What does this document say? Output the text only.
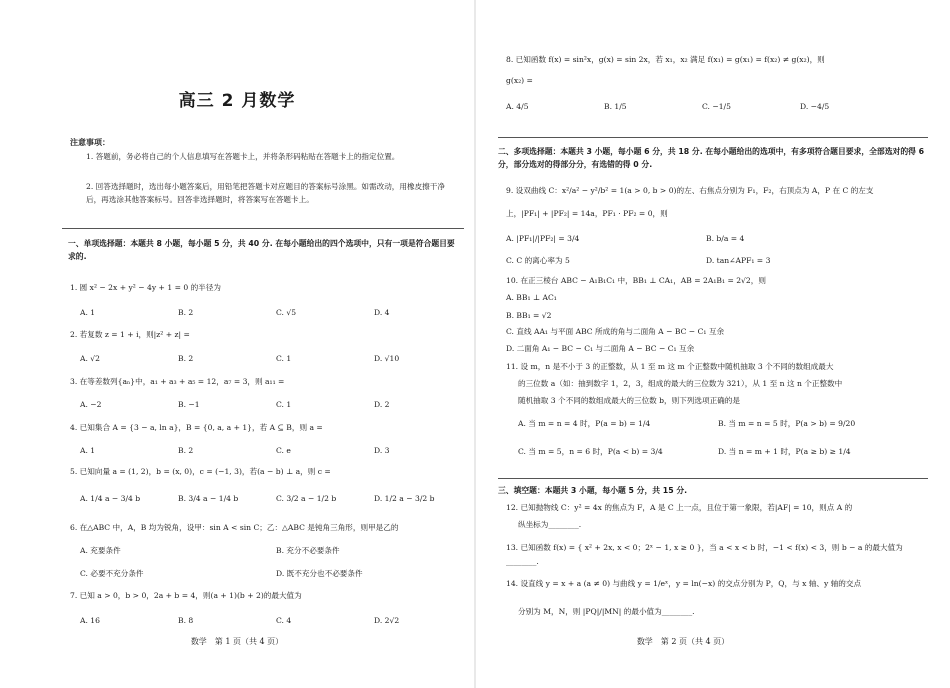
高三 2 月数学
注意事项：
1. 答题前，务必将自己的个人信息填写在答题卡上，并将条形码粘贴在答题卡上的指定位置。
2. 回答选择题时，选出每小题答案后，用铅笔把答题卡对应题目的答案标号涂黑。如需改动，用橡皮擦干净后，再选涂其他答案标号。回答非选择题时，将答案写在答题卡上。
一、单项选择题：本题共 8 小题，每小题 5 分，共 40 分. 在每小题给出的四个选项中，只有一项是符合题目要求的.
1. 圆 x² − 2x + y² − 4y + 1 = 0 的半径为
A. 1	B. 2	C. √5	D. 4
2. 若复数 z = 1 + i，则|z² + z| =
A. √2	B. 2	C. 1	D. √10
3. 在等差数列{aₙ}中，a₁ + a₃ + a₅ = 12，a₇ = 3，则 a₁₁ =
A. −2	B. −1	C. 1	D. 2
4. 已知集合 A = {3 − a, ln a}，B = {0, a, a + 1}，若 A ⊆ B，则 a =
A. 1	B. 2	C. e	D. 3
5. 已知向量 a = (1, 2)，b = (x, 0)，c = (−1, 3)，若(a − b) ⊥ a，则 c =
A. 1/4 a − 3/4 b	B. 3/4 a − 1/4 b	C. 3/2 a − 1/2 b	D. 1/2 a − 3/2 b
6. 在△ABC 中，A，B 均为锐角，设甲：sin A < sin C；乙：△ABC 是钝角三角形，则甲是乙的
A. 充要条件	B. 充分不必要条件
C. 必要不充分条件	D. 既不充分也不必要条件
7. 已知 a > 0，b > 0，2a + b = 4，则(a + 1)(b + 2)的最大值为
A. 16	B. 8	C. 4	D. 2√2
数学　第 1 页（共 4 页）
8. 已知函数 f(x) = sin²x，g(x) = sin 2x，若 x₁，x₂ 满足 f(x₁) = g(x₁) = f(x₂) ≠ g(x₂)，则
g(x₂) =
A. 4/5	B. 1/5	C. −1/5	D. −4/5
二、多项选择题：本题共 3 小题，每小题 6 分，共 18 分. 在每小题给出的选项中，有多项符合题目要求，全部选对的得 6 分，部分选对的得部分分，有选错的得 0 分.
9. 设双曲线 C：x²/a² − y²/b² = 1(a > 0, b > 0)的左、右焦点分别为 F₁，F₂，右顶点为 A，P 在 C 的左支
上，|PF₁| + |PF₂| = 14a，PF₁ · PF₂ = 0，则
A. |PF₁|/|PF₂| = 3/4	B. b/a = 4
C. C 的离心率为 5	D. tan∠APF₁ = 3
10. 在正三棱台 ABC − A₁B₁C₁ 中，BB₁ ⊥ CA₁，AB = 2A₁B₁ = 2√2，则
A. BB₁ ⊥ AC₁
B. BB₁ = √2
C. 直线 AA₁ 与平面 ABC 所成的角与二面角 A − BC − C₁ 互余
D. 二面角 A₁ − BC − C₁ 与二面角 A − BC − C₁ 互余
11. 设 m，n 是不小于 3 的正整数，从 1 至 m 这 m 个正整数中随机抽取 3 个不同的数组成最大
的三位数 a（如：抽到数字 1，2，3，组成的最大的三位数为 321），从 1 至 n 这 n 个正整数中
随机抽取 3 个不同的数组成最大的三位数 b，则下列选项正确的是
A. 当 m = n = 4 时，P(a = b) = 1/4	B. 当 m = n = 5 时，P(a > b) = 9/20
C. 当 m = 5，n = 6 时，P(a < b) = 3/4	D. 当 n = m + 1 时，P(a ≥ b) ≥ 1/4
三、填空题：本题共 3 小题，每小题 5 分，共 15 分.
12. 已知抛物线 C：y² = 4x 的焦点为 F，A 是 C 上一点，且位于第一象限，若|AF| = 10，则点 A 的
纵坐标为________.
13. 已知函数 f(x) = { x² + 2x, x < 0；2ˣ − 1, x ≥ 0 }，当 a < x < b 时，−1 < f(x) < 3，则 b − a 的最大值为________.
14. 设直线 y = x + a (a ≠ 0) 与曲线 y = 1/eˣ，y = ln(−x) 的交点分别为 P，Q，与 x 轴、y 轴的交点
分别为 M，N，则 |PQ|/|MN| 的最小值为________.
数学　第 2 页（共 4 页）
